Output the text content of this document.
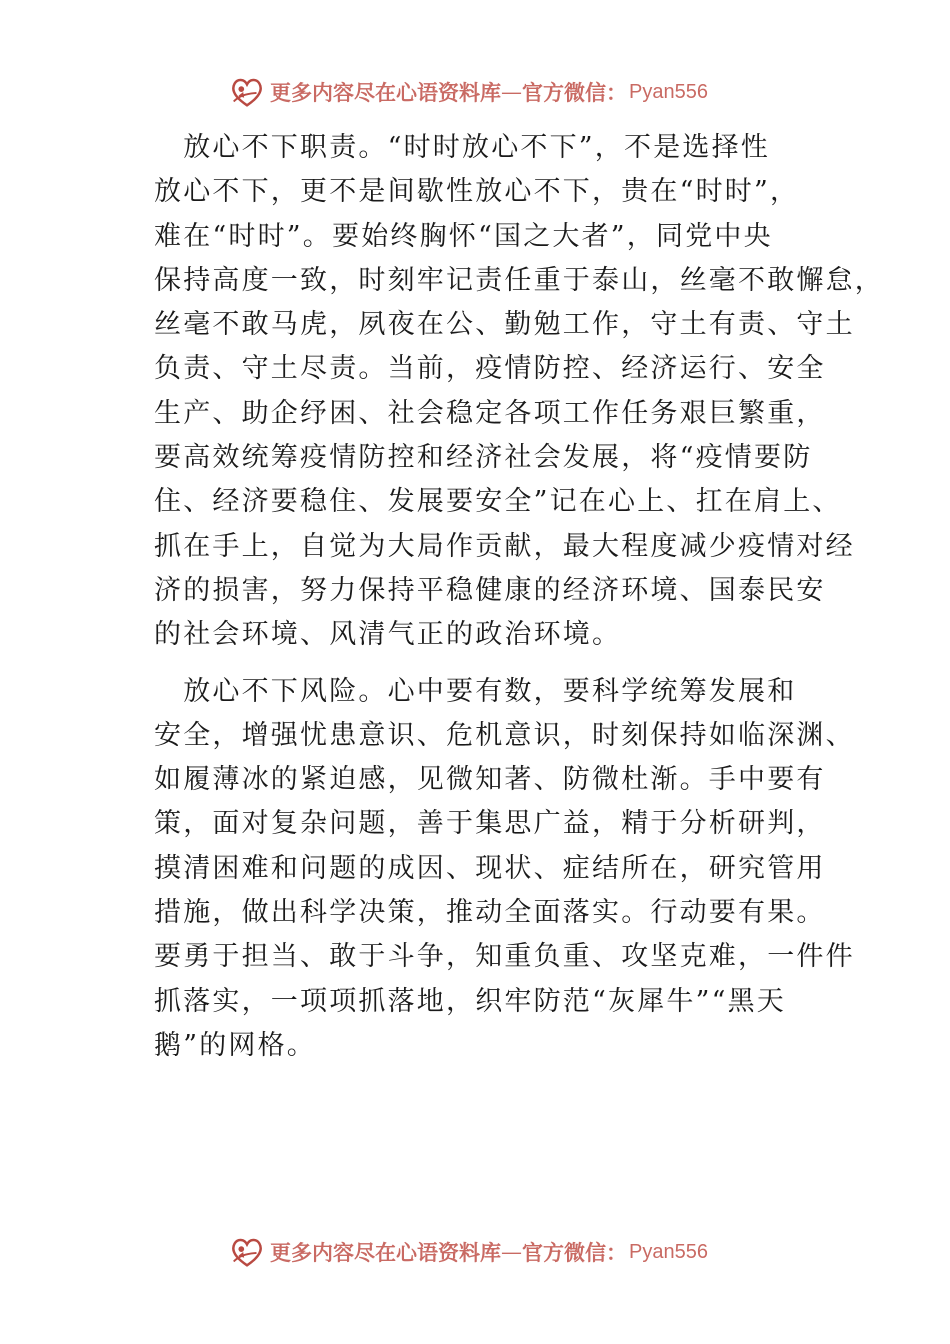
更多内容尽在心语资料库 — 官方微信： Pyan556

　放心不下职责。“时时放心不下”，不是选择性
放心不下，更不是间歇性放心不下，贵在“时时”，
难在“时时”。要始终胸怀“国之大者”，同党中央
保持高度一致，时刻牢记责任重于泰山，丝毫不敢懈怠，
丝毫不敢马虎，夙夜在公、勤勉工作，守土有责、守土
负责、守土尽责。当前，疫情防控、经济运行、安全
生产、助企纾困、社会稳定各项工作任务艰巨繁重，
要高效统筹疫情防控和经济社会发展，将“疫情要防
住、经济要稳住、发展要安全”记在心上、扛在肩上、
抓在手上，自觉为大局作贡献，最大程度减少疫情对经
济的损害，努力保持平稳健康的经济环境、国泰民安
的社会环境、风清气正的政治环境。

　放心不下风险。心中要有数，要科学统筹发展和
安全，增强忧患意识、危机意识，时刻保持如临深渊、
如履薄冰的紧迫感，见微知著、防微杜渐。手中要有
策，面对复杂问题，善于集思广益，精于分析研判，
摸清困难和问题的成因、现状、症结所在，研究管用
措施，做出科学决策，推动全面落实。行动要有果。
要勇于担当、敢于斗争，知重负重、攻坚克难，一件件
抓落实，一项项抓落地，织牢防范“灰犀牛”“黑天
鹅”的网格。

更多内容尽在心语资料库 — 官方微信： Pyan556
